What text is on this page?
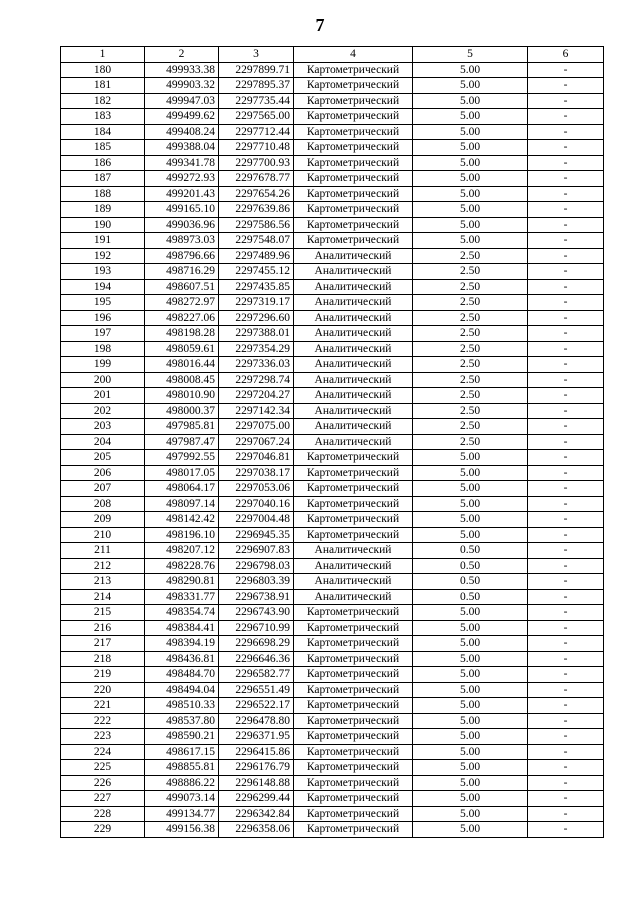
7
1	2	3	4	5	6
180	499933.38	2297899.71	Картометрический	5.00	-
181	499903.32	2297895.37	Картометрический	5.00	-
182	499947.03	2297735.44	Картометрический	5.00	-
183	499499.62	2297565.00	Картометрический	5.00	-
184	499408.24	2297712.44	Картометрический	5.00	-
185	499388.04	2297710.48	Картометрический	5.00	-
186	499341.78	2297700.93	Картометрический	5.00	-
187	499272.93	2297678.77	Картометрический	5.00	-
188	499201.43	2297654.26	Картометрический	5.00	-
189	499165.10	2297639.86	Картометрический	5.00	-
190	499036.96	2297586.56	Картометрический	5.00	-
191	498973.03	2297548.07	Картометрический	5.00	-
192	498796.66	2297489.96	Аналитический	2.50	-
193	498716.29	2297455.12	Аналитический	2.50	-
194	498607.51	2297435.85	Аналитический	2.50	-
195	498272.97	2297319.17	Аналитический	2.50	-
196	498227.06	2297296.60	Аналитический	2.50	-
197	498198.28	2297388.01	Аналитический	2.50	-
198	498059.61	2297354.29	Аналитический	2.50	-
199	498016.44	2297336.03	Аналитический	2.50	-
200	498008.45	2297298.74	Аналитический	2.50	-
201	498010.90	2297204.27	Аналитический	2.50	-
202	498000.37	2297142.34	Аналитический	2.50	-
203	497985.81	2297075.00	Аналитический	2.50	-
204	497987.47	2297067.24	Аналитический	2.50	-
205	497992.55	2297046.81	Картометрический	5.00	-
206	498017.05	2297038.17	Картометрический	5.00	-
207	498064.17	2297053.06	Картометрический	5.00	-
208	498097.14	2297040.16	Картометрический	5.00	-
209	498142.42	2297004.48	Картометрический	5.00	-
210	498196.10	2296945.35	Картометрический	5.00	-
211	498207.12	2296907.83	Аналитический	0.50	-
212	498228.76	2296798.03	Аналитический	0.50	-
213	498290.81	2296803.39	Аналитический	0.50	-
214	498331.77	2296738.91	Аналитический	0.50	-
215	498354.74	2296743.90	Картометрический	5.00	-
216	498384.41	2296710.99	Картометрический	5.00	-
217	498394.19	2296698.29	Картометрический	5.00	-
218	498436.81	2296646.36	Картометрический	5.00	-
219	498484.70	2296582.77	Картометрический	5.00	-
220	498494.04	2296551.49	Картометрический	5.00	-
221	498510.33	2296522.17	Картометрический	5.00	-
222	498537.80	2296478.80	Картометрический	5.00	-
223	498590.21	2296371.95	Картометрический	5.00	-
224	498617.15	2296415.86	Картометрический	5.00	-
225	498855.81	2296176.79	Картометрический	5.00	-
226	498886.22	2296148.88	Картометрический	5.00	-
227	499073.14	2296299.44	Картометрический	5.00	-
228	499134.77	2296342.84	Картометрический	5.00	-
229	499156.38	2296358.06	Картометрический	5.00	-
